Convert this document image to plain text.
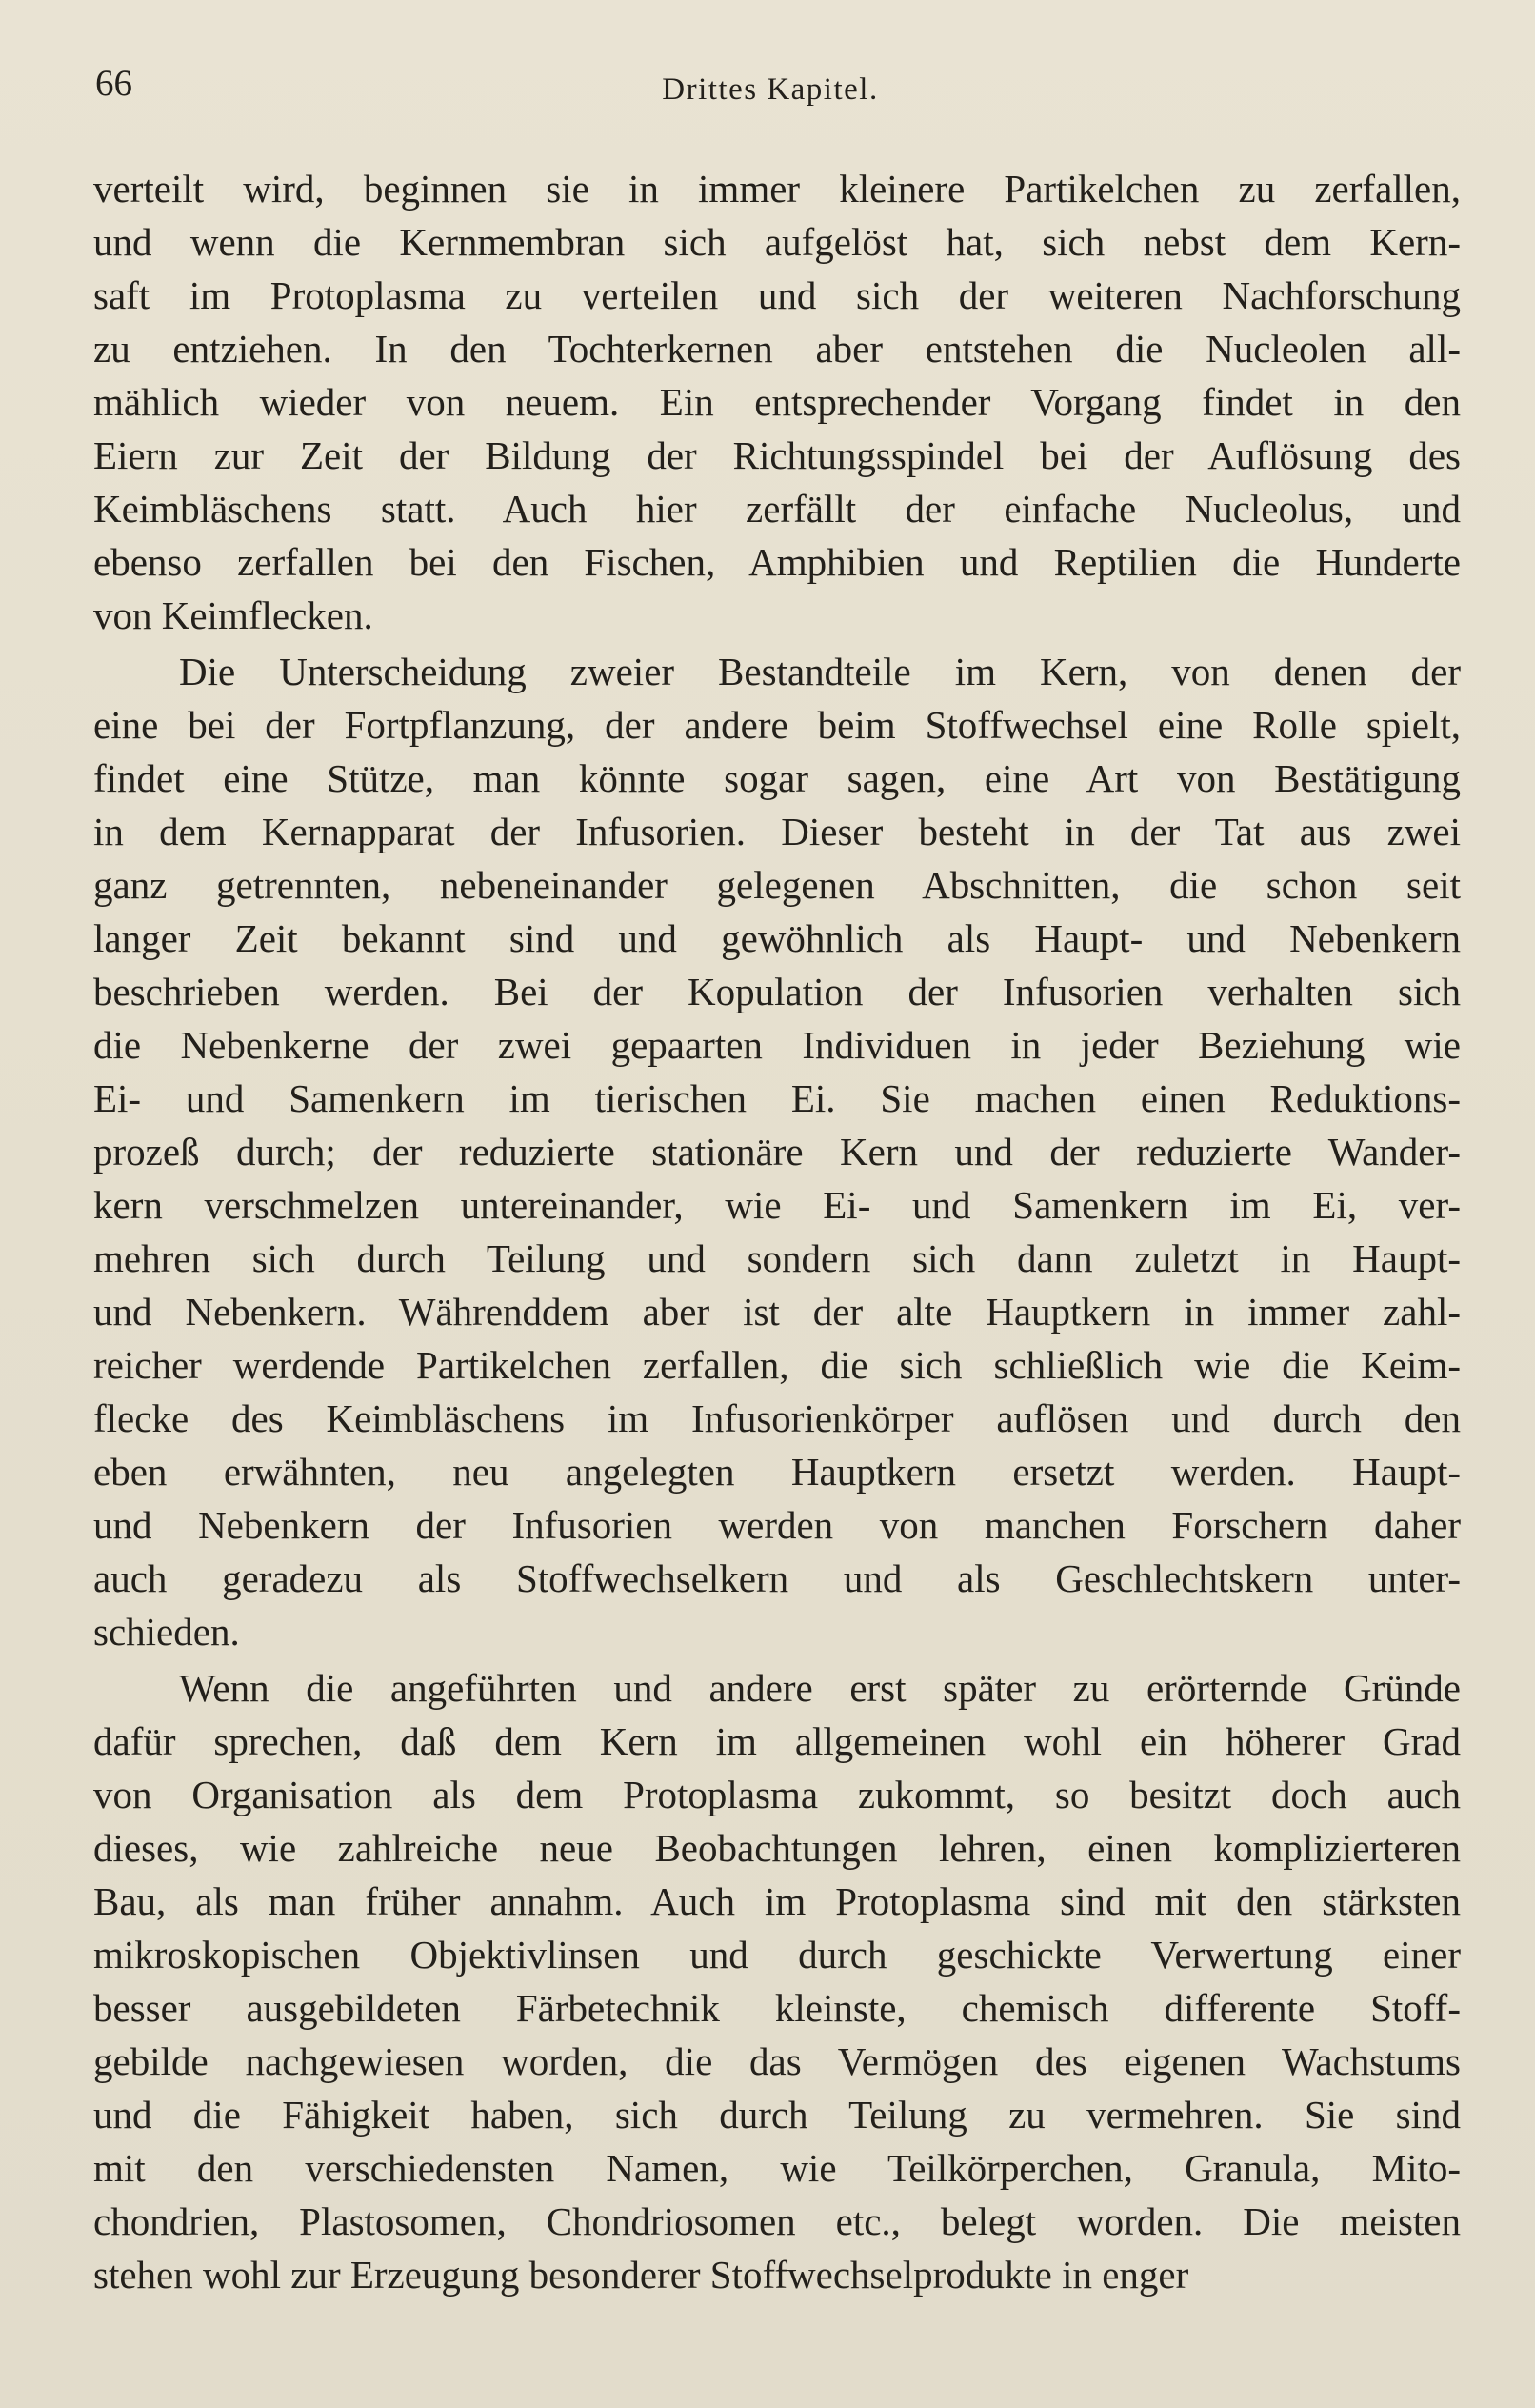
66	Drittes Kapitel.
verteilt wird, beginnen sie in immer kleinere Partikelchen zu zerfallen,
und wenn die Kernmembran sich aufgelöst hat, sich nebst dem Kern-
saft im Protoplasma zu verteilen und sich der weiteren Nachforschung
zu entziehen. In den Tochterkernen aber entstehen die Nucleolen all-
mählich wieder von neuem. Ein entsprechender Vorgang findet in den
Eiern zur Zeit der Bildung der Richtungsspindel bei der Auflösung des
Keimbläschens statt. Auch hier zerfällt der einfache Nucleolus, und
ebenso zerfallen bei den Fischen, Amphibien und Reptilien die Hunderte
von Keimflecken.
Die Unterscheidung zweier Bestandteile im Kern, von denen der
eine bei der Fortpflanzung, der andere beim Stoffwechsel eine Rolle spielt,
findet eine Stütze, man könnte sogar sagen, eine Art von Bestätigung
in dem Kernapparat der Infusorien. Dieser besteht in der Tat aus zwei
ganz getrennten, nebeneinander gelegenen Abschnitten, die schon seit
langer Zeit bekannt sind und gewöhnlich als Haupt- und Nebenkern
beschrieben werden. Bei der Kopulation der Infusorien verhalten sich
die Nebenkerne der zwei gepaarten Individuen in jeder Beziehung wie
Ei- und Samenkern im tierischen Ei. Sie machen einen Reduktions-
prozeß durch; der reduzierte stationäre Kern und der reduzierte Wander-
kern verschmelzen untereinander, wie Ei- und Samenkern im Ei, ver-
mehren sich durch Teilung und sondern sich dann zuletzt in Haupt-
und Nebenkern. Währenddem aber ist der alte Hauptkern in immer zahl-
reicher werdende Partikelchen zerfallen, die sich schließlich wie die Keim-
flecke des Keimbläschens im Infusorienkörper auflösen und durch den
eben erwähnten, neu angelegten Hauptkern ersetzt werden. Haupt-
und Nebenkern der Infusorien werden von manchen Forschern daher
auch geradezu als Stoffwechselkern und als Geschlechtskern unter-
schieden.
Wenn die angeführten und andere erst später zu erörternde Gründe
dafür sprechen, daß dem Kern im allgemeinen wohl ein höherer Grad
von Organisation als dem Protoplasma zukommt, so besitzt doch auch
dieses, wie zahlreiche neue Beobachtungen lehren, einen komplizierteren
Bau, als man früher annahm. Auch im Protoplasma sind mit den stärksten
mikroskopischen Objektivlinsen und durch geschickte Verwertung einer
besser ausgebildeten Färbetechnik kleinste, chemisch differente Stoff-
gebilde nachgewiesen worden, die das Vermögen des eigenen Wachstums
und die Fähigkeit haben, sich durch Teilung zu vermehren. Sie sind
mit den verschiedensten Namen, wie Teilkörperchen, Granula, Mito-
chondrien, Plastosomen, Chondriosomen etc., belegt worden. Die meisten
stehen wohl zur Erzeugung besonderer Stoffwechselprodukte in enger
